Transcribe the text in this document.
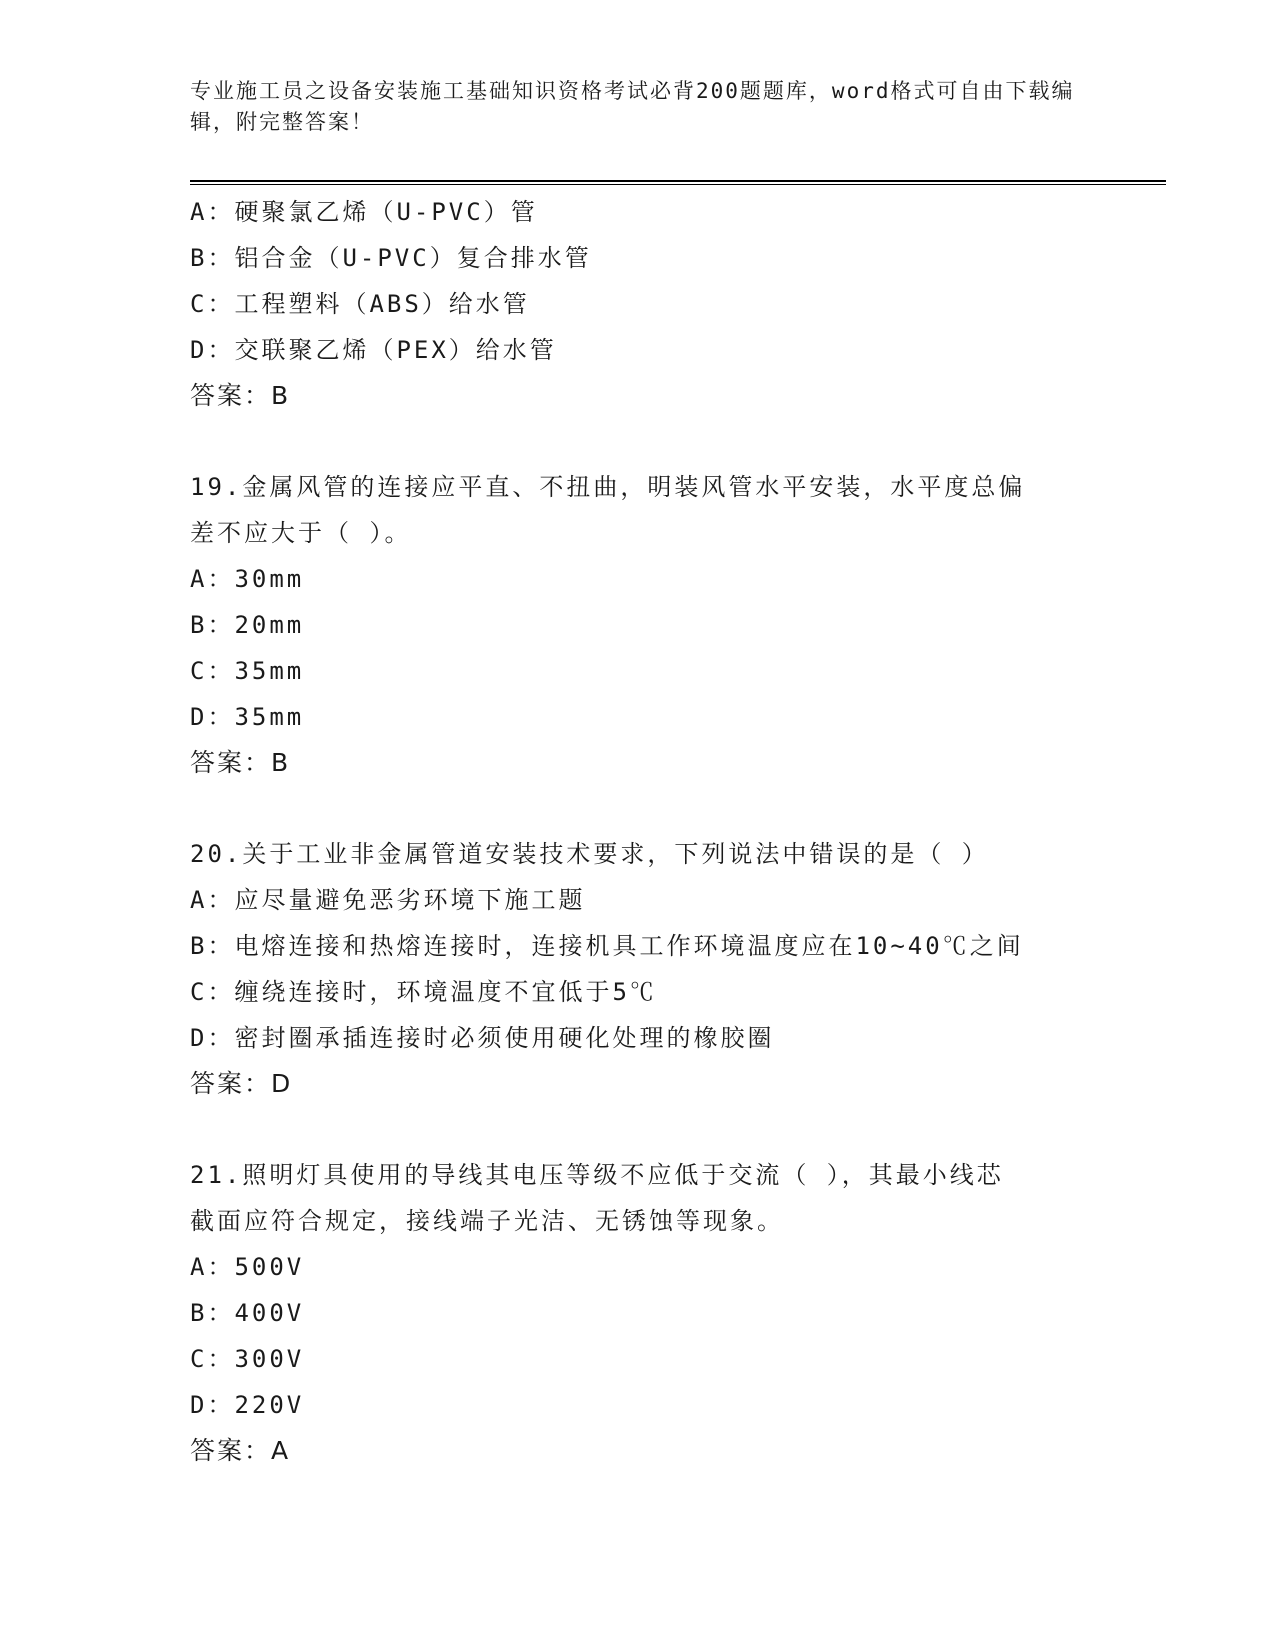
专业施工员之设备安装施工基础知识资格考试必背200题题库，word格式可自由下载编辑，附完整答案！
A：硬聚氯乙烯（U-PVC）管
B：铝合金（U-PVC）复合排水管
C：工程塑料（ABS）给水管
D：交联聚乙烯（PEX）给水管
答案：B
19.金属风管的连接应平直、不扭曲，明装风管水平安装，水平度总偏
差不应大于（ ）。
A：30mm
B：20mm
C：35mm
D：35mm
答案：B
20.关于工业非金属管道安装技术要求，下列说法中错误的是（ ）
A：应尽量避免恶劣环境下施工题
B：电熔连接和热熔连接时，连接机具工作环境温度应在10~40℃之间
C：缠绕连接时，环境温度不宜低于5℃
D：密封圈承插连接时必须使用硬化处理的橡胶圈
答案：D
21.照明灯具使用的导线其电压等级不应低于交流（ ），其最小线芯
截面应符合规定，接线端子光洁、无锈蚀等现象。
A：500V
B：400V
C：300V
D：220V
答案：A
